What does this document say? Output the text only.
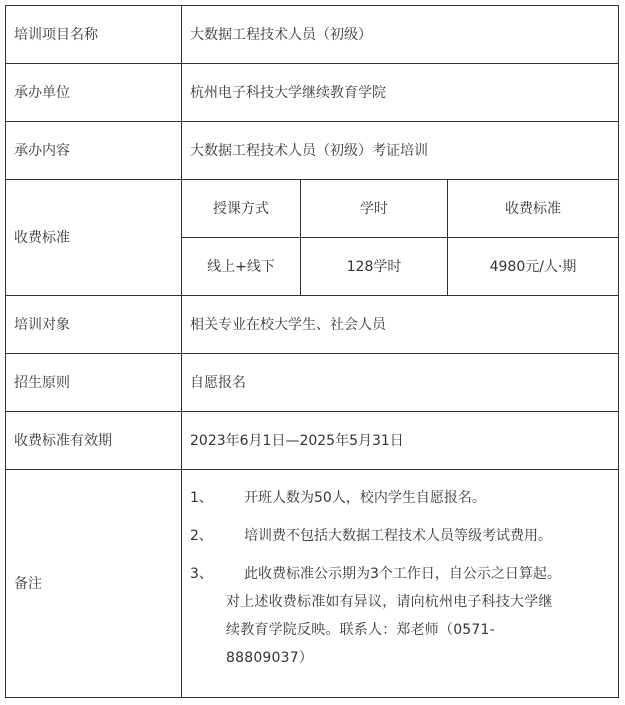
培训项目名称	大数据工程技术人员（初级）
承办单位	杭州电子科技大学继续教育学院
承办内容	大数据工程技术人员（初级）考证培训
收费标准	
授课方式	学时	收费标准
线上+线下	128学时	4980元/人·期

培训对象	相关专业在校大学生、社会人员
招生原则	自愿报名
收费标准有效期	2023年6月1日—2025年5月31日
备注	
1、	开班人数为50人，校内学生自愿报名。
2、	培训费不包括大数据工程技术人员等级考试费用。
3、	此收费标准公示期为3个工作日，自公示之日算起。
对上述收费标准如有异议，请向杭州电子科技大学继
续教育学院反映。联系人：郑老师（0571-
88809037）
